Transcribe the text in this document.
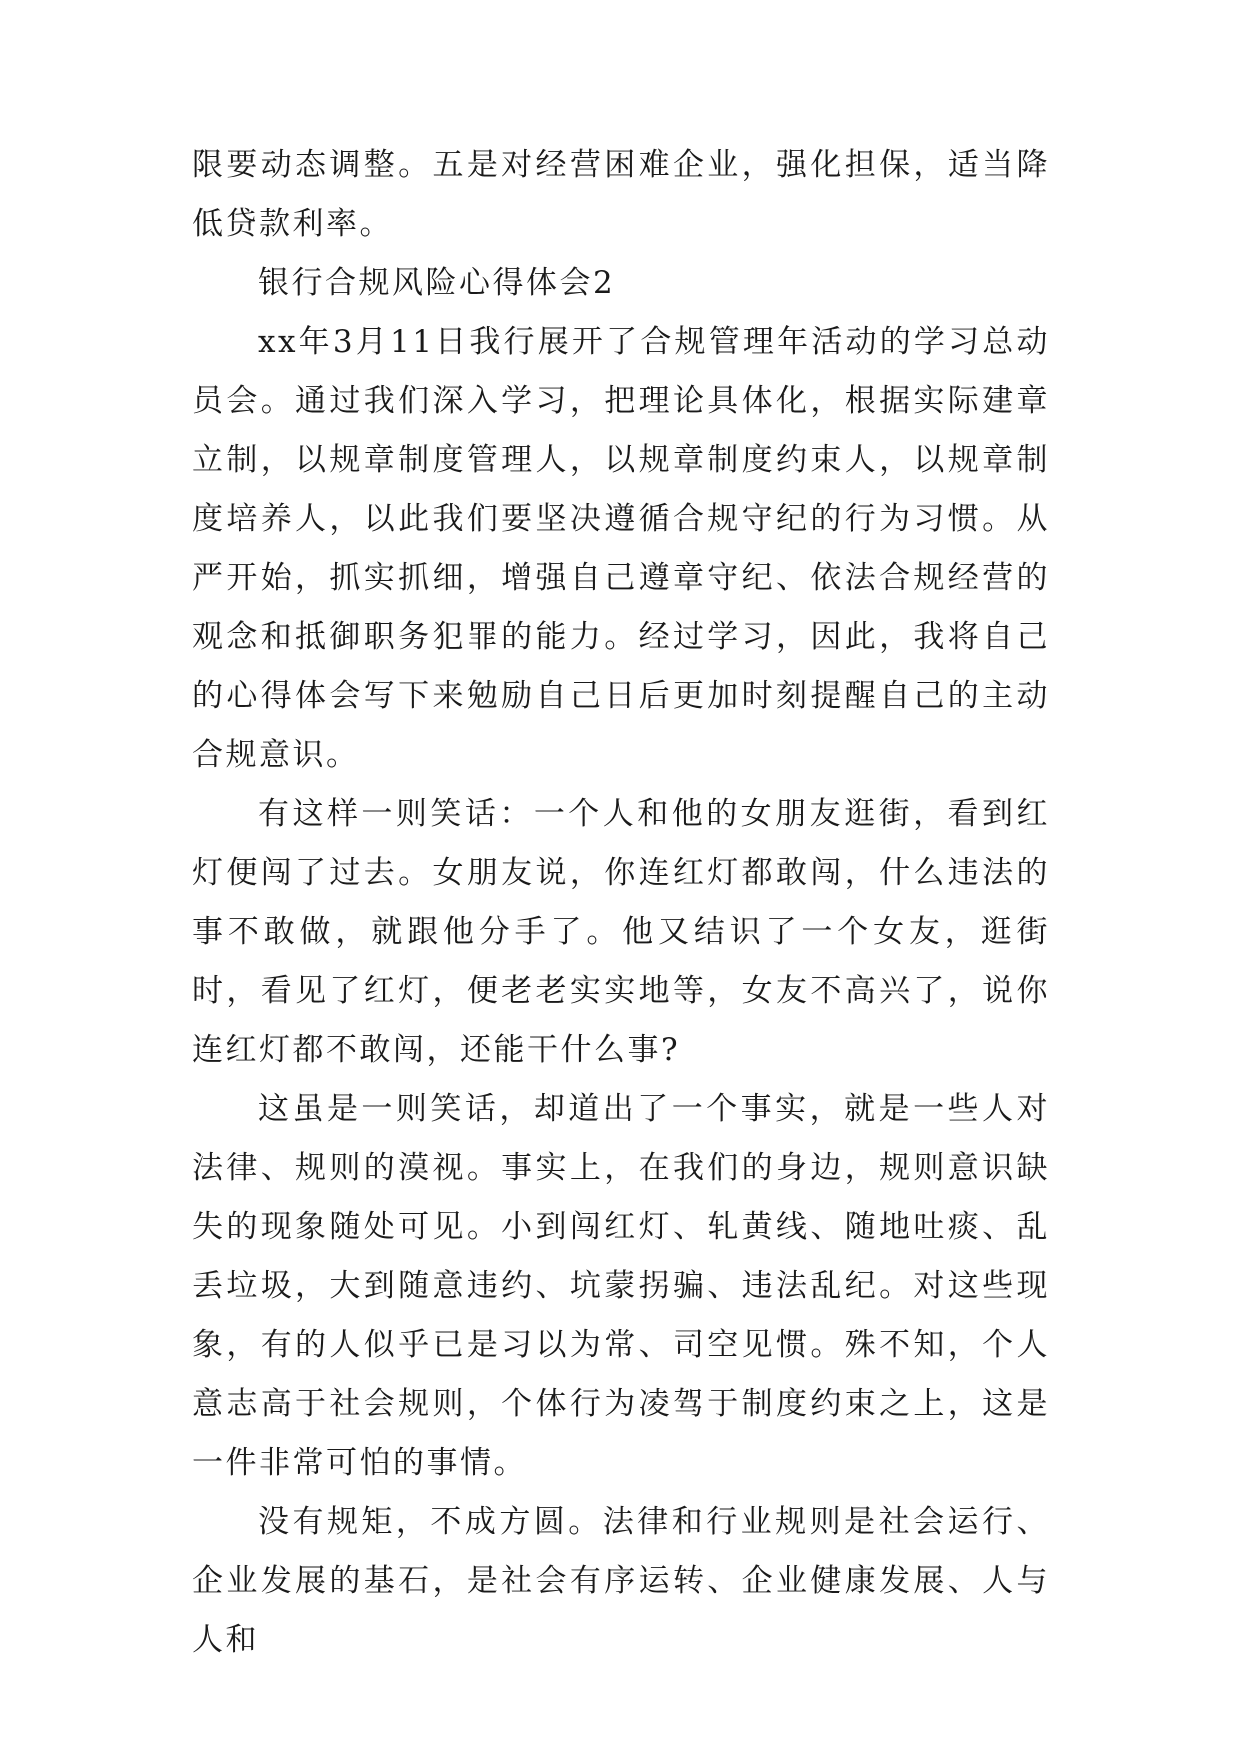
限要动态调整。五是对经营困难企业，强化担保，适当降低贷款利率。

银行合规风险心得体会2

xx年3月11日我行展开了合规管理年活动的学习总动员会。通过我们深入学习，把理论具体化，根据实际建章立制，以规章制度管理人，以规章制度约束人，以规章制度培养人，以此我们要坚决遵循合规守纪的行为习惯。从严开始，抓实抓细，增强自己遵章守纪、依法合规经营的观念和抵御职务犯罪的能力。经过学习，因此，我将自己的心得体会写下来勉励自己日后更加时刻提醒自己的主动合规意识。

有这样一则笑话：一个人和他的女朋友逛街，看到红灯便闯了过去。女朋友说，你连红灯都敢闯，什么违法的事不敢做，就跟他分手了。他又结识了一个女友，逛街时，看见了红灯，便老老实实地等，女友不高兴了，说你连红灯都不敢闯，还能干什么事?

这虽是一则笑话，却道出了一个事实，就是一些人对法律、规则的漠视。事实上，在我们的身边，规则意识缺失的现象随处可见。小到闯红灯、轧黄线、随地吐痰、乱丢垃圾，大到随意违约、坑蒙拐骗、违法乱纪。对这些现象，有的人似乎已是习以为常、司空见惯。殊不知，个人意志高于社会规则，个体行为凌驾于制度约束之上，这是一件非常可怕的事情。

没有规矩，不成方圆。法律和行业规则是社会运行、企业发展的基石，是社会有序运转、企业健康发展、人与人和
